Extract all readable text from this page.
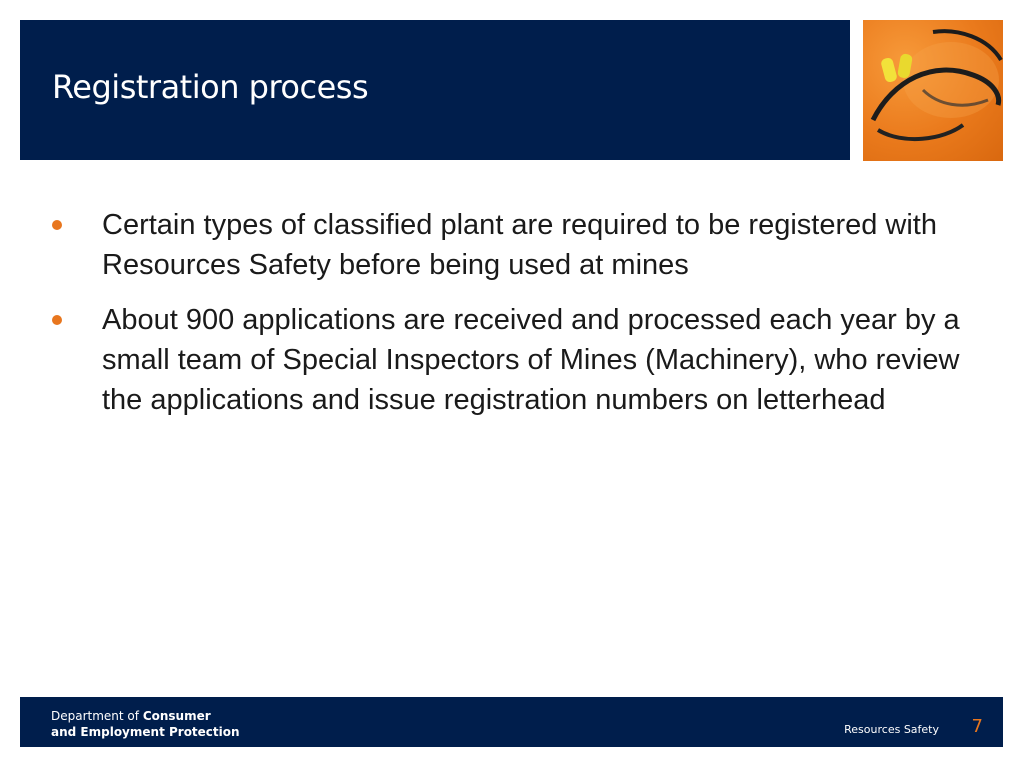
Registration process
Certain types of classified plant are required to be registered with Resources Safety before being used at mines
About 900 applications are received and processed each year by a small team of Special Inspectors of Mines (Machinery), who review the applications and issue registration numbers on letterhead
Department of Consumer
and Employment Protection	Resources Safety 7
